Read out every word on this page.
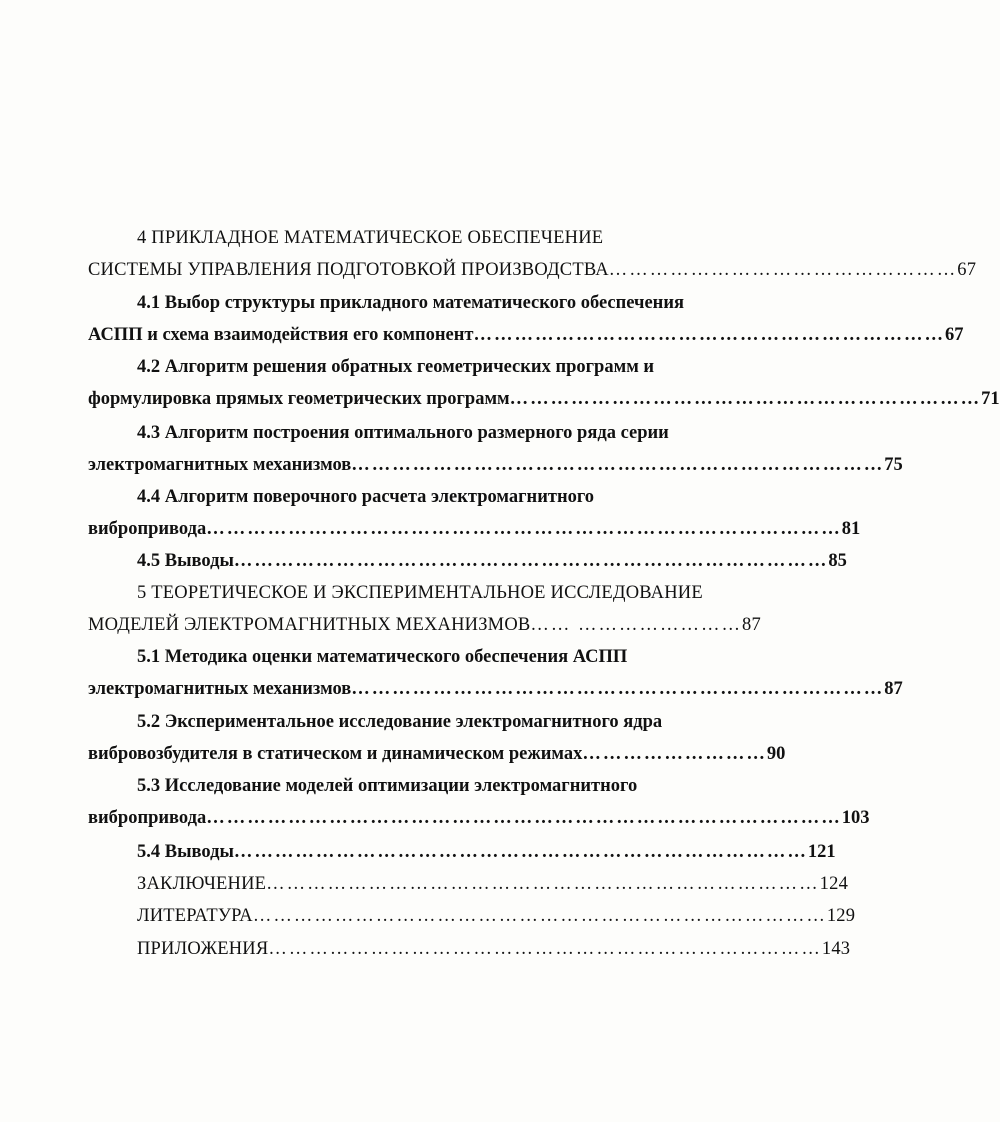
4 ПРИКЛАДНОЕ МАТЕМАТИЧЕСКОЕ ОБЕСПЕЧЕНИЕ
СИСТЕМЫ УПРАВЛЕНИЯ ПОДГОТОВКОЙ ПРОИЗВОДСТВА …………………………………………… 67
4.1 Выбор структуры прикладного математического обеспечения
АСПП и схема взаимодействия его компонент …………………………………………………………… 67
4.2 Алгоритм решения обратных геометрических программ и
формулировка прямых геометрических программ …………………………………………………………… 71
4.3 Алгоритм построения оптимального размерного ряда серии
электромагнитных механизмов …………………………………………………………………… 75
4.4 Алгоритм поверочного расчета электромагнитного
вибропривода ………………………………………………………………………………… 81
4.5 Выводы …………………………………………………………………………… 85
5 ТЕОРЕТИЧЕСКОЕ И ЭКСПЕРИМЕНТАЛЬНОЕ ИССЛЕДОВАНИЕ
МОДЕЛЕЙ ЭЛЕКТРОМАГНИТНЫХ МЕХАНИЗМОВ …… …………………… 87
5.1 Методика оценки математического обеспечения АСПП
электромагнитных механизмов …………………………………………………………………… 87
5.2 Экспериментальное исследование электромагнитного ядра
вибровозбудителя в статическом и динамическом режимах ……………………… 90
5.3 Исследование моделей оптимизации электромагнитного
вибропривода ………………………………………………………………………………… 103
5.4 Выводы ………………………………………………………………………… 121
ЗАКЛЮЧЕНИЕ ……………………………………………………………………… 124
ЛИТЕРАТУРА ………………………………………………………………………… 129
ПРИЛОЖЕНИЯ ……………………………………………………………………… 143
